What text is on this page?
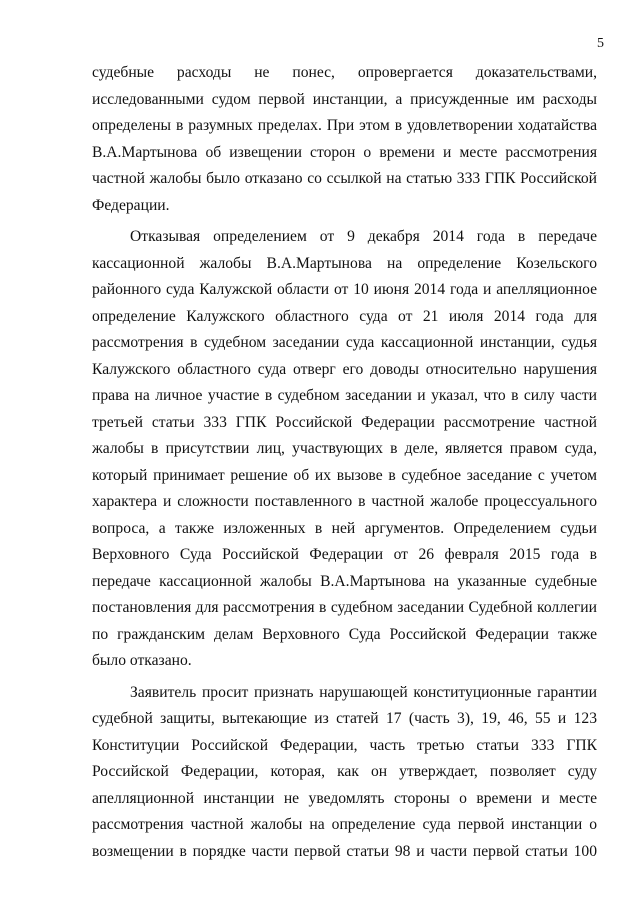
5
судебные расходы не понес, опровергается доказательствами,
исследованными судом первой инстанции, а присужденные им расходы
определены в разумных пределах. При этом в удовлетворении ходатайства
В.А.Мартынова об извещении сторон о времени и месте рассмотрения
частной жалобы было отказано со ссылкой на статью 333 ГПК Российской
Федерации.
Отказывая определением от 9 декабря 2014 года в передаче
кассационной жалобы В.А.Мартынова на определение Козельского
районного суда Калужской области от 10 июня 2014 года и апелляционное
определение Калужского областного суда от 21 июля 2014 года для
рассмотрения в судебном заседании суда кассационной инстанции, судья
Калужского областного суда отверг его доводы относительно нарушения
права на личное участие в судебном заседании и указал, что в силу части
третьей статьи 333 ГПК Российской Федерации рассмотрение частной
жалобы в присутствии лиц, участвующих в деле, является правом суда,
который принимает решение об их вызове в судебное заседание с учетом
характера и сложности поставленного в частной жалобе процессуального
вопроса, а также изложенных в ней аргументов. Определением судьи
Верховного Суда Российской Федерации от 26 февраля 2015 года в
передаче кассационной жалобы В.А.Мартынова на указанные судебные
постановления для рассмотрения в судебном заседании Судебной коллегии
по гражданским делам Верховного Суда Российской Федерации также
было отказано.
Заявитель просит признать нарушающей конституционные гарантии
судебной защиты, вытекающие из статей 17 (часть 3), 19, 46, 55 и 123
Конституции Российской Федерации, часть третью статьи 333 ГПК
Российской Федерации, которая, как он утверждает, позволяет суду
апелляционной инстанции не уведомлять стороны о времени и месте
рассмотрения частной жалобы на определение суда первой инстанции о
возмещении в порядке части первой статьи 98 и части первой статьи 100
